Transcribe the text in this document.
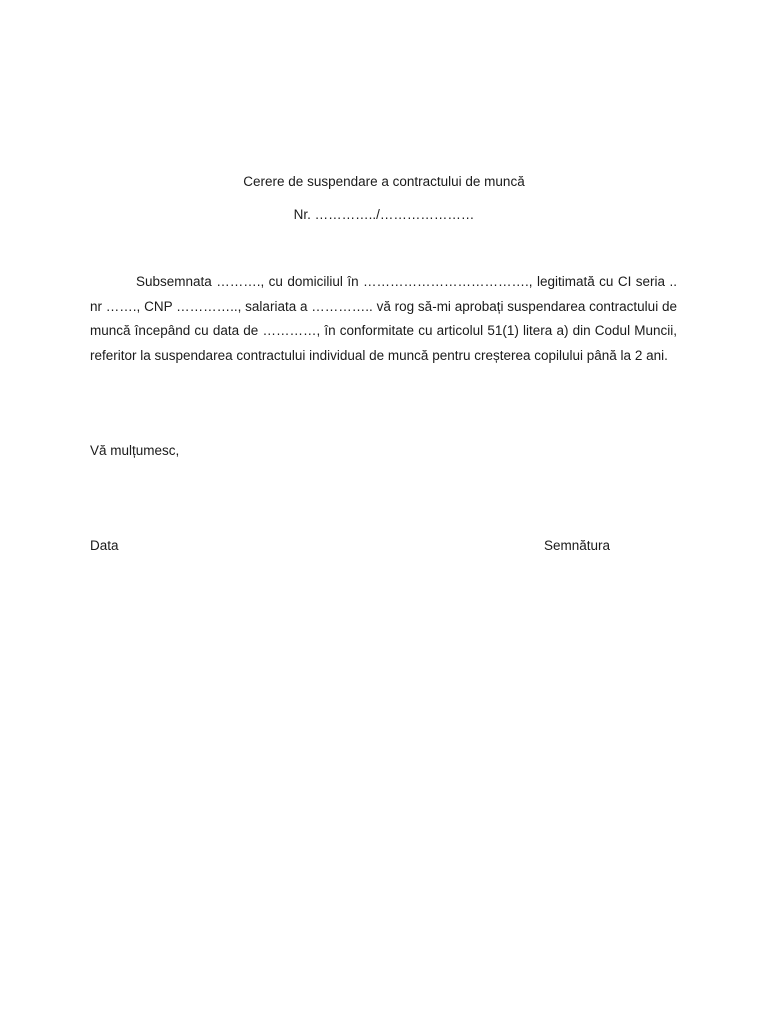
Cerere de suspendare a contractului de muncă
Nr. …………../…………………

Subsemnata ………., cu domiciliul în ………………………………., legitimată cu CI seria .. nr ……., CNP ………….., salariata a ………….. vă rog să-mi aprobați suspendarea contractului de muncă începând cu data de …………, în conformitate cu articolul 51(1) litera a) din Codul Muncii, referitor la suspendarea contractului individual de muncă pentru creșterea copilului până la 2 ani.

Vă mulțumesc,
Data	Semnătura
